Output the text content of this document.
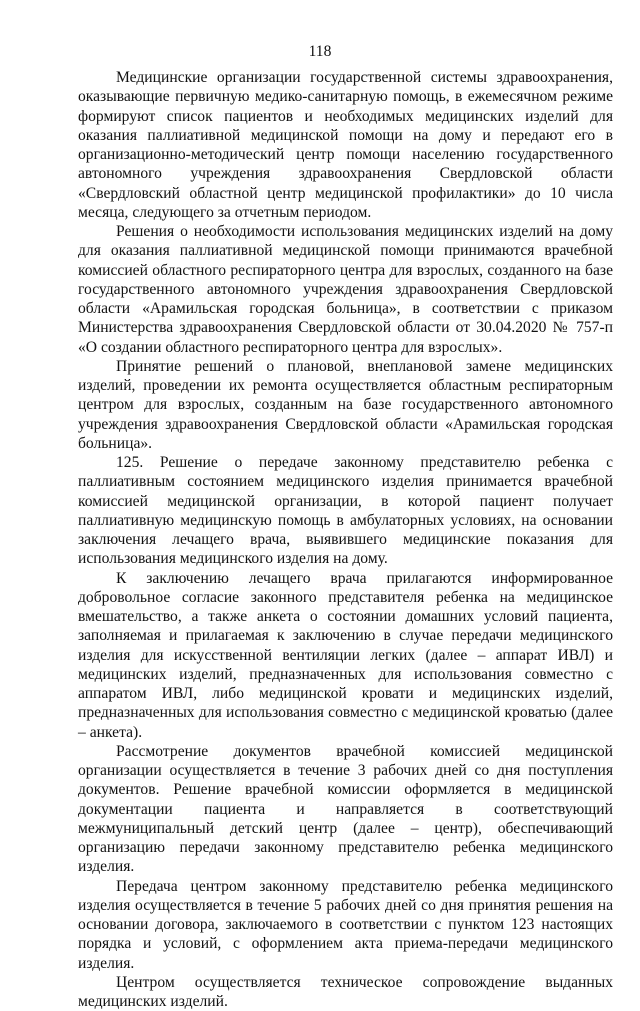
118

Медицинские организации государственной системы здравоохранения, оказывающие первичную медико-санитарную помощь, в ежемесячном режиме формируют список пациентов и необходимых медицинских изделий для оказания паллиативной медицинской помощи на дому и передают его в организационно-методический центр помощи населению государственного автономного учреждения здравоохранения Свердловской области «Свердловский областной центр медицинской профилактики» до 10 числа месяца, следующего за отчетным периодом.

Решения о необходимости использования медицинских изделий на дому для оказания паллиативной медицинской помощи принимаются врачебной комиссией областного респираторного центра для взрослых, созданного на базе государственного автономного учреждения здравоохранения Свердловской области «Арамильская городская больница», в соответствии с приказом Министерства здравоохранения Свердловской области от 30.04.2020 № 757-п «О создании областного респираторного центра для взрослых».

Принятие решений о плановой, внеплановой замене медицинских изделий, проведении их ремонта осуществляется областным респираторным центром для взрослых, созданным на базе государственного автономного учреждения здравоохранения Свердловской области «Арамильская городская больница».

125. Решение о передаче законному представителю ребенка с паллиативным состоянием медицинского изделия принимается врачебной комиссией медицинской организации, в которой пациент получает паллиативную медицинскую помощь в амбулаторных условиях, на основании заключения лечащего врача, выявившего медицинские показания для использования медицинского изделия на дому.

К заключению лечащего врача прилагаются информированное добровольное согласие законного представителя ребенка на медицинское вмешательство, а также анкета о состоянии домашних условий пациента, заполняемая и прилагаемая к заключению в случае передачи медицинского изделия для искусственной вентиляции легких (далее – аппарат ИВЛ) и медицинских изделий, предназначенных для использования совместно с аппаратом ИВЛ, либо медицинской кровати и медицинских изделий, предназначенных для использования совместно с медицинской кроватью (далее – анкета).

Рассмотрение документов врачебной комиссией медицинской организации осуществляется в течение 3 рабочих дней со дня поступления документов. Решение врачебной комиссии оформляется в медицинской документации пациента и направляется в соответствующий межмуниципальный детский центр (далее – центр), обеспечивающий организацию передачи законному представителю ребенка медицинского изделия.

Передача центром законному представителю ребенка медицинского изделия осуществляется в течение 5 рабочих дней со дня принятия решения на основании договора, заключаемого в соответствии с пунктом 123 настоящих порядка и условий, с оформлением акта приема-передачи медицинского изделия.

Центром осуществляется техническое сопровождение выданных медицинских изделий.
